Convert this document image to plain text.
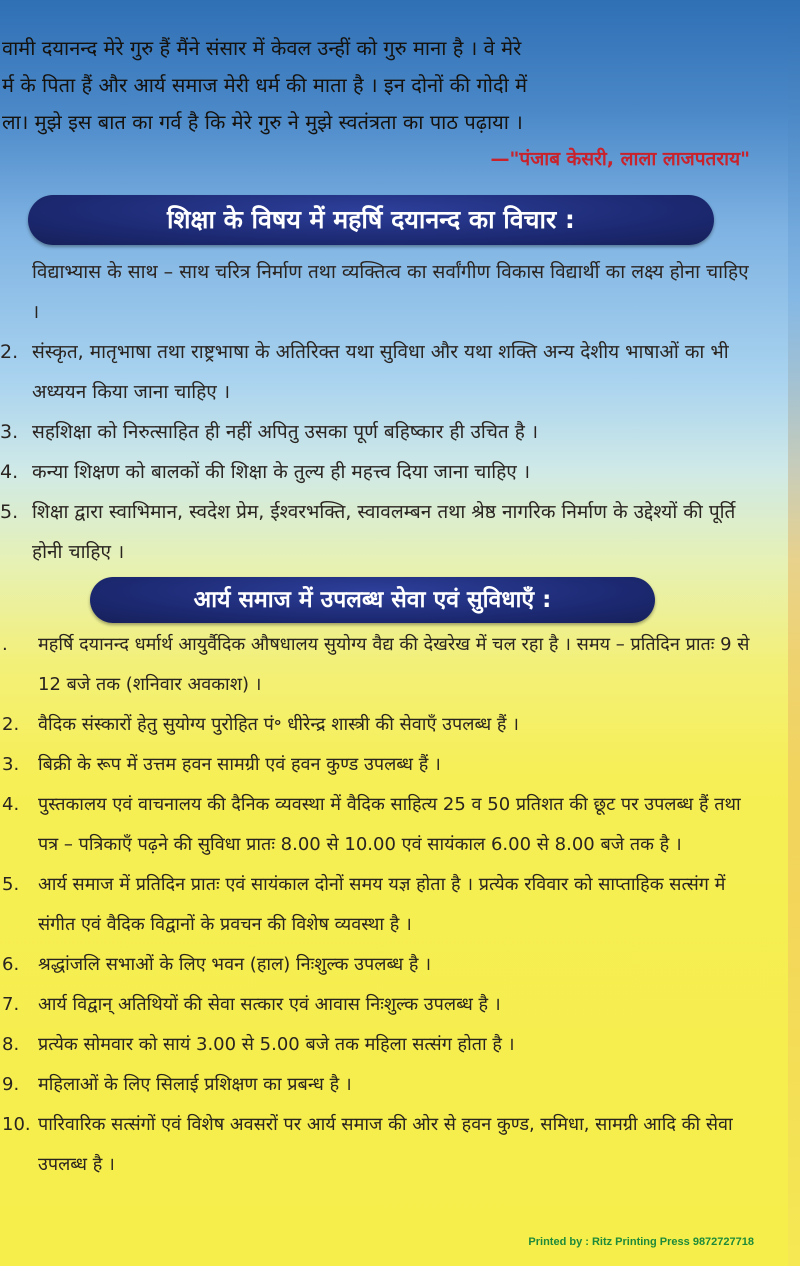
वामी दयानन्द मेरे गुरु हैं मैंने संसार में केवल उन्हीं को गुरु माना है । वे मेरे
र्म के पिता हैं और आर्य समाज मेरी धर्म की माता है । इन दोनों की गोदी में
ला। मुझे इस बात का गर्व है कि मेरे गुरु ने मुझे स्वतंत्रता का पाठ पढ़ाया ।
—"पंजाब केसरी, लाला लाजपतराय"
शिक्षा के विषय में महर्षि दयानन्द का विचार :
विद्याभ्यास के साथ – साथ चरित्र निर्माण तथा व्यक्तित्व का सर्वांगीण विकास विद्यार्थी का लक्ष्य होना चाहिए ।
2. संस्कृत, मातृभाषा तथा राष्ट्रभाषा के अतिरिक्त यथा सुविधा और यथा शक्ति अन्य देशीय भाषाओं का भी अध्ययन किया जाना चाहिए ।
3. सहशिक्षा को निरुत्साहित ही नहीं अपितु उसका पूर्ण बहिष्कार ही उचित है ।
4. कन्या शिक्षण को बालकों की शिक्षा के तुल्य ही महत्त्व दिया जाना चाहिए ।
5. शिक्षा द्वारा स्वाभिमान, स्वदेश प्रेम, ईश्वरभक्ति, स्वावलम्बन तथा श्रेष्ठ नागरिक निर्माण के उद्देश्यों की पूर्ति होनी चाहिए ।
आर्य समाज में उपलब्ध सेवा एवं सुविधाएँ :
.	महर्षि दयानन्द धर्मार्थ आयुर्वैदिक औषधालय सुयोग्य वैद्य की देखरेख में चल रहा है । समय – प्रतिदिन प्रातः 9 से 12 बजे तक (शनिवार अवकाश) ।
2.	वैदिक संस्कारों हेतु सुयोग्य पुरोहित पं॰ धीरेन्द्र शास्त्री की सेवाएँ उपलब्ध हैं ।
3.	बिक्री के रूप में उत्तम हवन सामग्री एवं हवन कुण्ड उपलब्ध हैं ।
4.	पुस्तकालय एवं वाचनालय की दैनिक व्यवस्था में वैदिक साहित्य 25 व 50 प्रतिशत की छूट पर उपलब्ध हैं तथा पत्र – पत्रिकाएँ पढ़ने की सुविधा प्रातः 8.00 से 10.00 एवं सायंकाल 6.00 से 8.00 बजे तक है ।
5.	आर्य समाज में प्रतिदिन प्रातः एवं सायंकाल दोनों समय यज्ञ होता है । प्रत्येक रविवार को साप्ताहिक सत्संग में संगीत एवं वैदिक विद्वानों के प्रवचन की विशेष व्यवस्था है ।
6.	श्रद्धांजलि सभाओं के लिए भवन (हाल) निःशुल्क उपलब्ध है ।
7.	आर्य विद्वान् अतिथियों की सेवा सत्कार एवं आवास निःशुल्क उपलब्ध है ।
8.	प्रत्येक सोमवार को सायं 3.00 से 5.00 बजे तक महिला सत्संग होता है ।
9.	महिलाओं के लिए सिलाई प्रशिक्षण का प्रबन्ध है ।
10. पारिवारिक सत्संगों एवं विशेष अवसरों पर आर्य समाज की ओर से हवन कुण्ड, समिधा, सामग्री आदि की सेवा उपलब्ध है ।
Printed by : Ritz Printing Press 9872727718
